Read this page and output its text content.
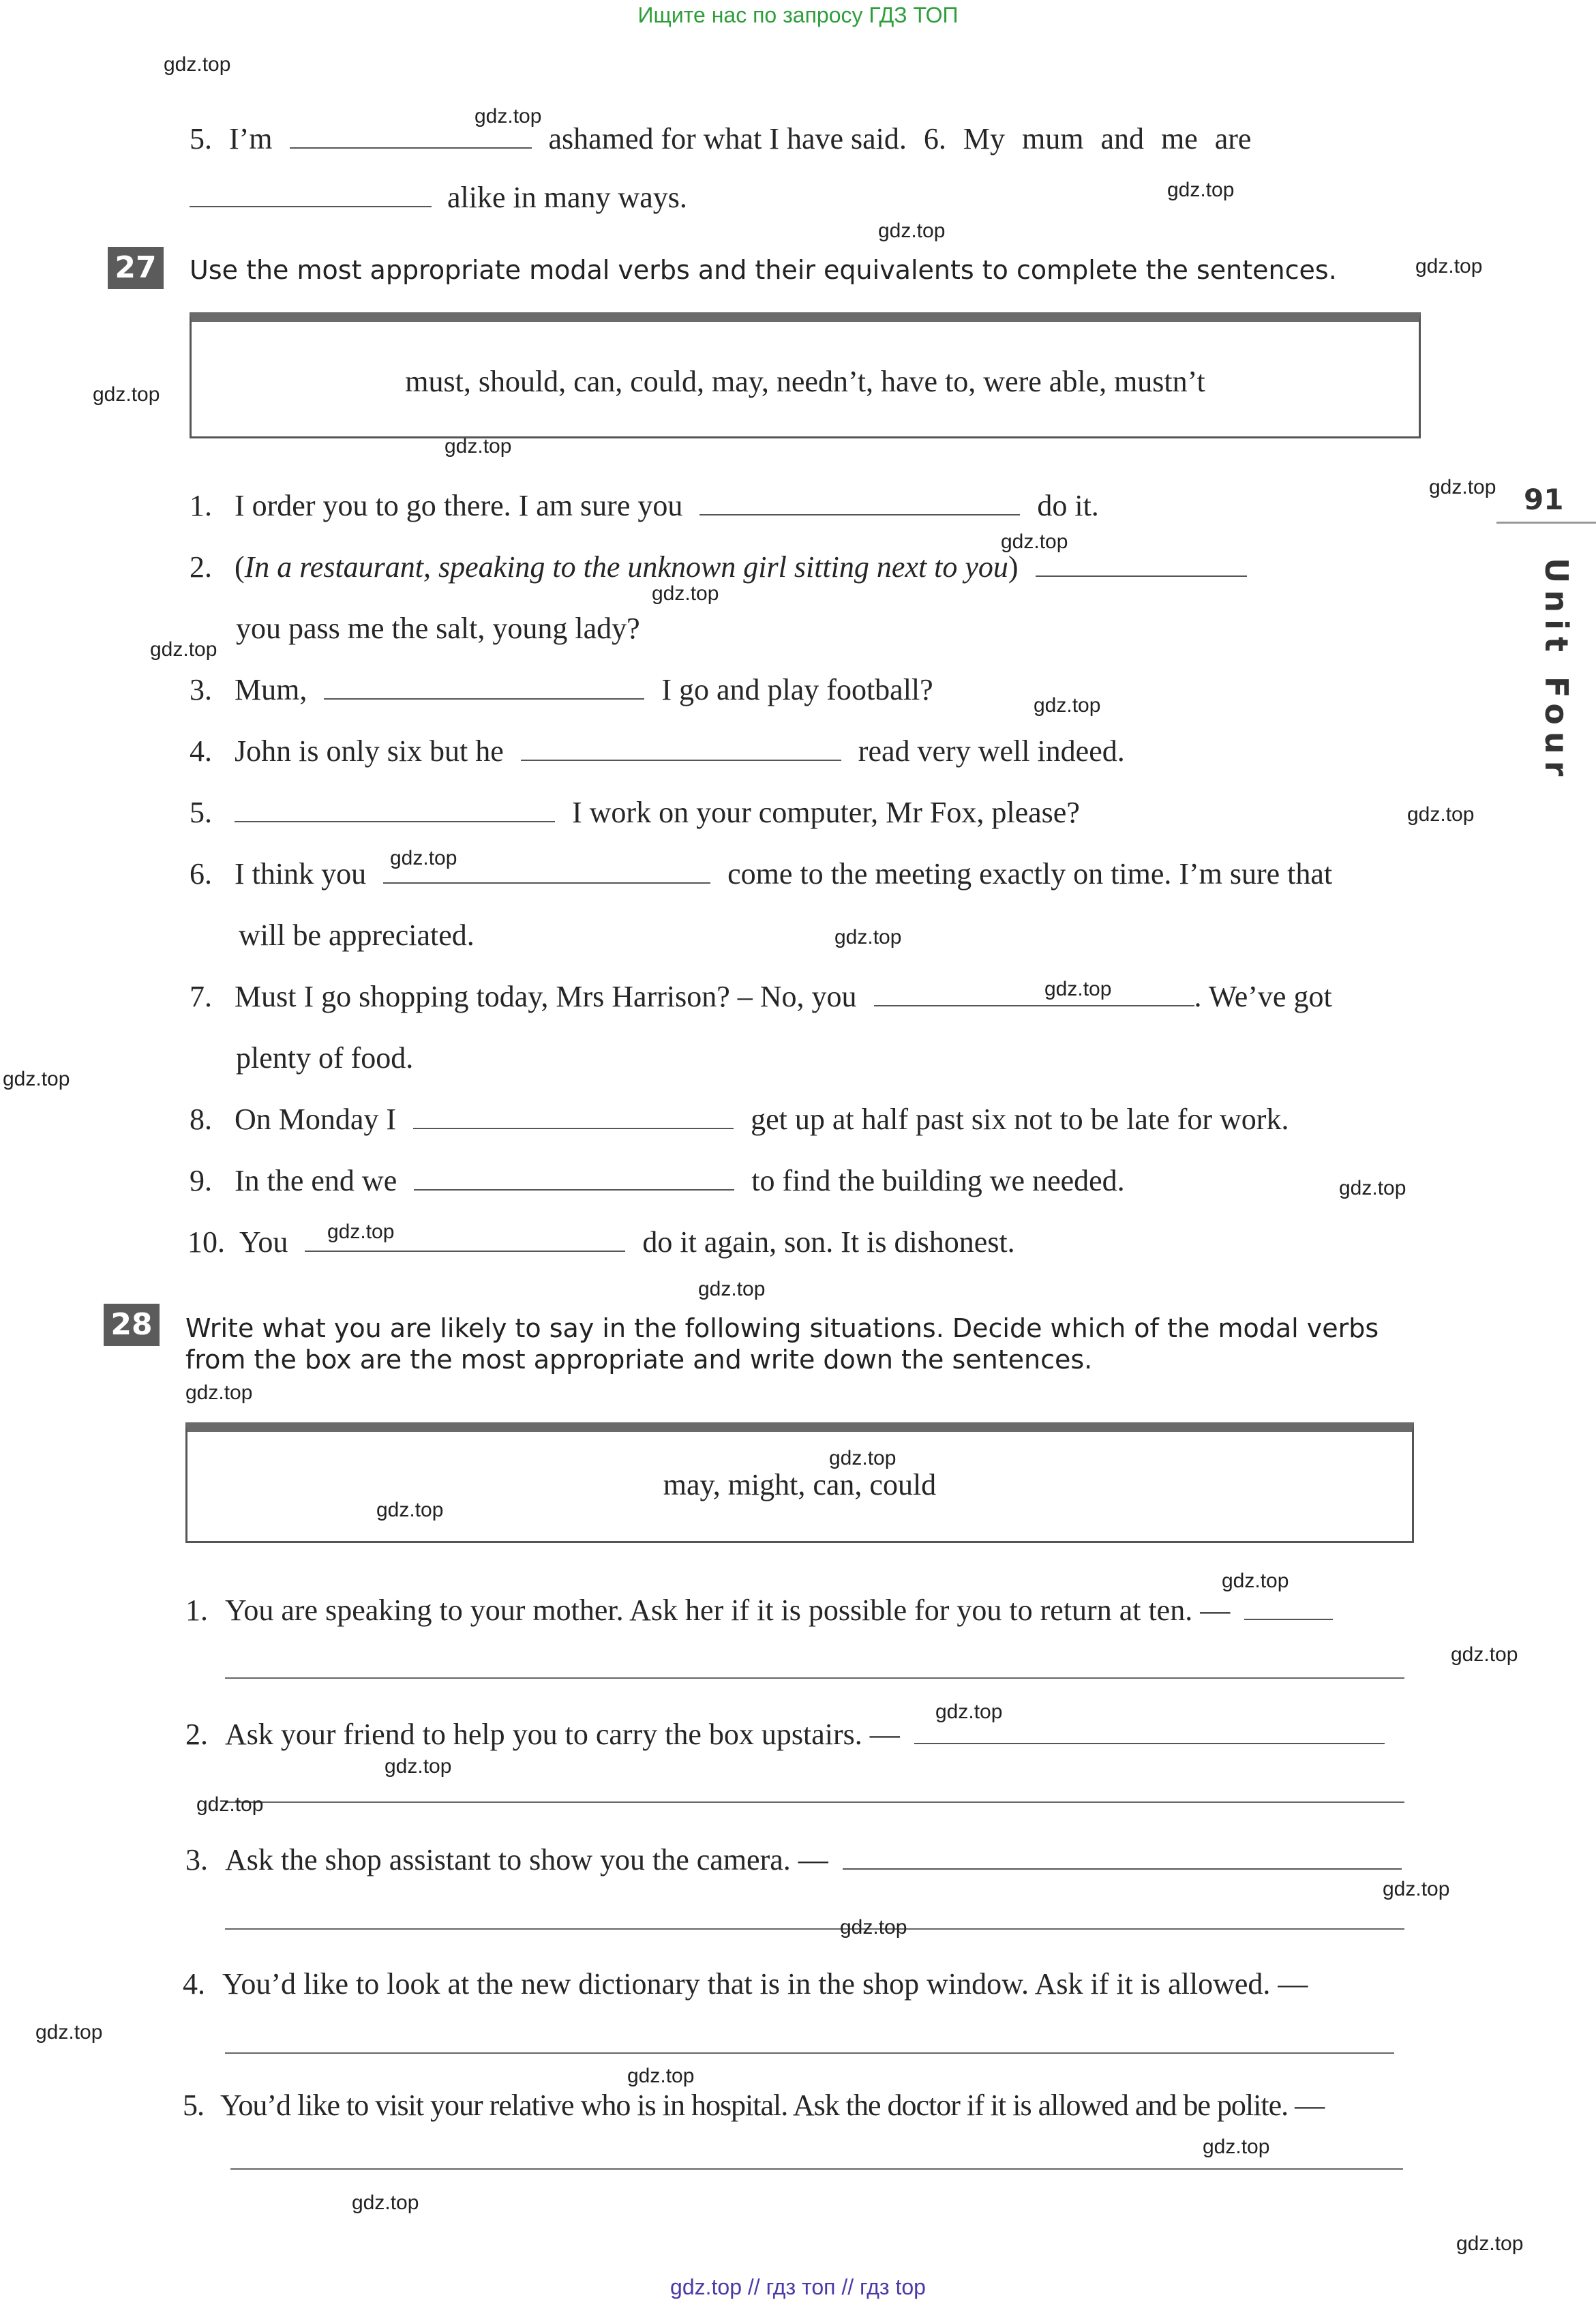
Ищите нас по запросу ГДЗ ТОП
91
Unit Four
5. I’m	ashamed for what I have said. 6. My mum and me are
alike in many ways.
27 Use the most appropriate modal verbs and their equivalents to complete the sentences.
must, should, can, could, may, needn’t, have to, were able, mustn’t
1. I order you to go there. I am sure you	do it.
2. (In a restaurant, speaking to the unknown girl sitting next to you)
you pass me the salt, young lady?
3. Mum,	I go and play football?
4. John is only six but he	read very well indeed.
5.	I work on your computer, Mr Fox, please?
6. I think you	come to the meeting exactly on time. I’m sure that
will be appreciated.
7. Must I go shopping today, Mrs Harrison? – No, you	. We’ve got
plenty of food.
8. On Monday I	get up at half past six not to be late for work.
9. In the end we	to find the building we needed.
10. You	do it again, son. It is dishonest.
28 Write what you are likely to say in the following situations. Decide which of the modal verbs
from the box are the most appropriate and write down the sentences.
may, might, can, could
1. You are speaking to your mother. Ask her if it is possible for you to return at ten. —
2. Ask your friend to help you to carry the box upstairs. —
3. Ask the shop assistant to show you the camera. —
4. You’d like to look at the new dictionary that is in the shop window. Ask if it is allowed. —
5. You’d like to visit your relative who is in hospital. Ask the doctor if it is allowed and be polite. —
gdz.top
gdz.top
gdz.top
gdz.top
gdz.top
gdz.top
gdz.top
gdz.top
gdz.top
gdz.top
gdz.top
gdz.top
gdz.top
gdz.top
gdz.top
gdz.top
gdz.top
gdz.top
gdz.top
gdz.top
gdz.top
gdz.top
gdz.top
gdz.top
gdz.top
gdz.top
gdz.top
gdz.top
gdz.top
gdz.top
gdz.top
gdz.top
gdz.top
gdz.top
gdz.top
gdz.top // гдз топ // гдз top
